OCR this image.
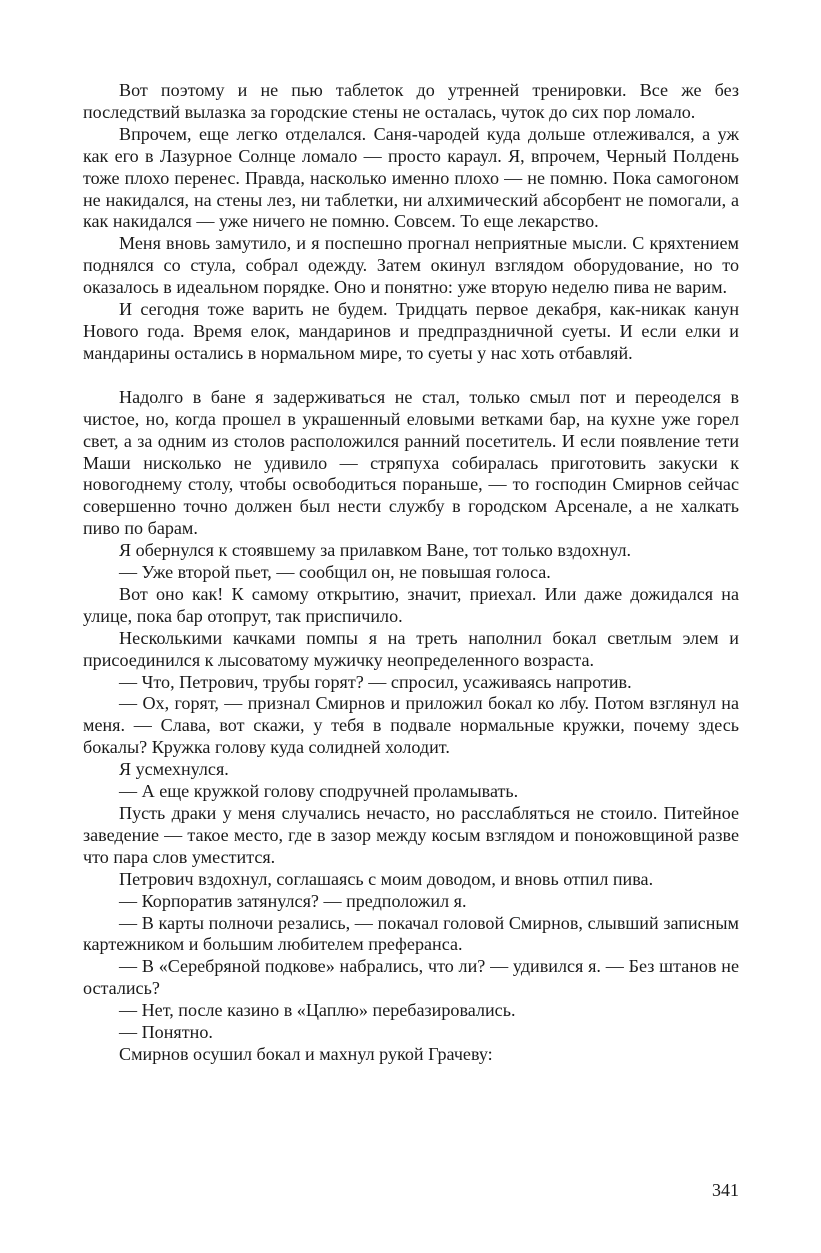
Вот поэтому и не пью таблеток до утренней тренировки. Все же без последствий вылазка за городские стены не осталась, чуток до сих пор ломало.

Впрочем, еще легко отделался. Саня-чародей куда дольше отлеживался, а уж как его в Лазурное Солнце ломало — просто караул. Я, впрочем, Черный Полдень тоже плохо перенес. Правда, насколько именно плохо — не помню. Пока самогоном не накидался, на стены лез, ни таблетки, ни алхимический абсорбент не помогали, а как накидался — уже ничего не помню. Совсем. То еще лекарство.

Меня вновь замутило, и я поспешно прогнал неприятные мысли. С кряхтением поднялся со стула, собрал одежду. Затем окинул взглядом оборудование, но то оказалось в идеальном порядке. Оно и понятно: уже вторую неделю пива не варим.

И сегодня тоже варить не будем. Тридцать первое декабря, как-никак канун Нового года. Время елок, мандаринов и предпраздничной суеты. И если елки и мандарины остались в нормальном мире, то суеты у нас хоть отбавляй.

Надолго в бане я задерживаться не стал, только смыл пот и переоделся в чистое, но, когда прошел в украшенный еловыми ветками бар, на кухне уже горел свет, а за одним из столов расположился ранний посетитель. И если появление тети Маши нисколько не удивило — стряпуха собиралась приготовить закуски к новогоднему столу, чтобы освободиться пораньше, — то господин Смирнов сейчас совершенно точно должен был нести службу в городском Арсенале, а не халкать пиво по барам.

Я обернулся к стоявшему за прилавком Ване, тот только вздохнул.

— Уже второй пьет, — сообщил он, не повышая голоса.

Вот оно как! К самому открытию, значит, приехал. Или даже дожидался на улице, пока бар отопрут, так приспичило.

Несколькими качками помпы я на треть наполнил бокал светлым элем и присоединился к лысоватому мужичку неопределенного возраста.

— Что, Петрович, трубы горят? — спросил, усаживаясь напротив.

— Ох, горят, — признал Смирнов и приложил бокал ко лбу. Потом взглянул на меня. — Слава, вот скажи, у тебя в подвале нормальные кружки, почему здесь бокалы? Кружка голову куда солидней холодит.

Я усмехнулся.

— А еще кружкой голову сподручней проламывать.

Пусть драки у меня случались нечасто, но расслабляться не стоило. Питейное заведение — такое место, где в зазор между косым взглядом и поножовщиной разве что пара слов уместится.

Петрович вздохнул, соглашаясь с моим доводом, и вновь отпил пива.

— Корпоратив затянулся? — предположил я.

— В карты полночи резались, — покачал головой Смирнов, слывший записным картежником и большим любителем преферанса.

— В «Серебряной подкове» набрались, что ли? — удивился я. — Без штанов не остались?

— Нет, после казино в «Цаплю» перебазировались.

— Понятно.

Смирнов осушил бокал и махнул рукой Грачеву:

341
